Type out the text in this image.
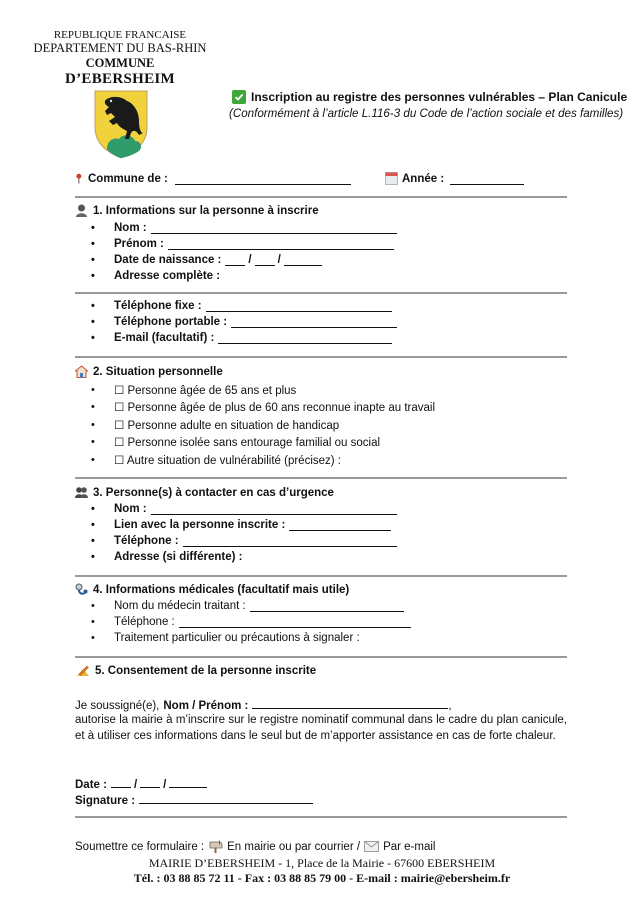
REPUBLIQUE FRANCAISE
DEPARTEMENT DU BAS-RHIN
COMMUNE
D’EBERSHEIM
Inscription au registre des personnes vulnérables – Plan Canicule
(Conformément à l’article L.116-3 du Code de l’action sociale et des familles)
Commune de :	Année :
1. Informations sur la personne à inscrire
•	Nom :
•	Prénom :
•	Date de naissance : / /
•	Adresse complète :
•	Téléphone fixe :
•	Téléphone portable :
•	E-mail (facultatif) :
2. Situation personnelle
•	☐ Personne âgée de 65 ans et plus
•	☐ Personne âgée de plus de 60 ans reconnue inapte au travail
•	☐ Personne adulte en situation de handicap
•	☐ Personne isolée sans entourage familial ou social
•	☐ Autre situation de vulnérabilité (précisez) :
3. Personne(s) à contacter en cas d’urgence
•	Nom :
•	Lien avec la personne inscrite :
•	Téléphone :
•	Adresse (si différente) :
4. Informations médicales (facultatif mais utile)
•	Nom du médecin traitant :
•	Téléphone :
•	Traitement particulier ou précautions à signaler :
5. Consentement de la personne inscrite
Je soussigné(e), Nom / Prénom :	,
autorise la mairie à m’inscrire sur le registre nominatif communal dans le cadre du plan canicule, et à utiliser ces informations dans le seul but de m’apporter assistance en cas de forte chaleur.
Date : / /
Signature :
Soumettre ce formulaire : En mairie ou par courrier / Par e-mail
MAIRIE D’EBERSHEIM - 1, Place de la Mairie - 67600 EBERSHEIM
Tél. : 03 88 85 72 11 - Fax : 03 88 85 79 00 - E-mail : mairie@ebersheim.fr
